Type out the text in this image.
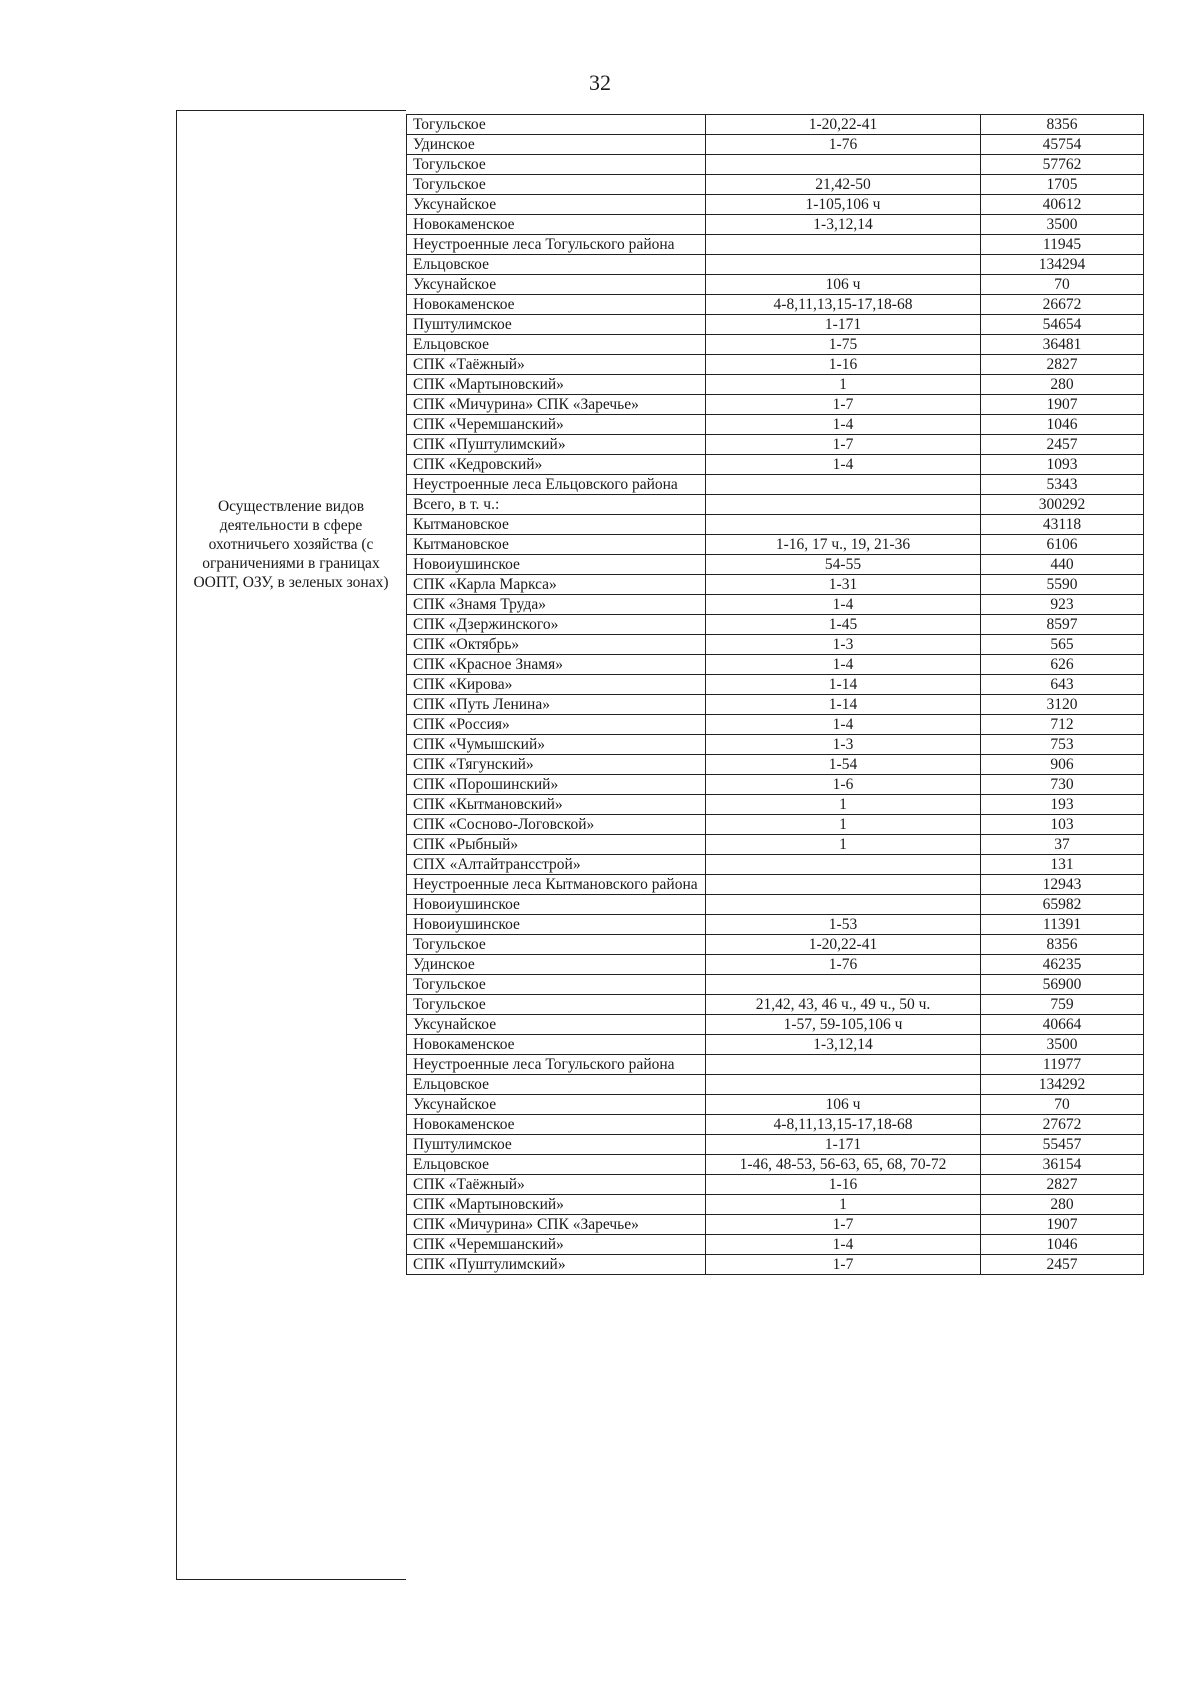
32
Осуществление видов деятельности в сфере охотничьего хозяйства (с ограничениями в границах ООПТ, ОЗУ, в зеленых зонах)
Тогульское	1-20,22-41	8356
Удинское	1-76	45754
Тогульское		57762
Тогульское	21,42-50	1705
Уксунайское	1-105,106 ч	40612
Новокаменское	1-3,12,14	3500
Неустроенные леса Тогульского района		11945
Ельцовское		134294
Уксунайское	106 ч	70
Новокаменское	4-8,11,13,15-17,18-68	26672
Пуштулимское	1-171	54654
Ельцовское	1-75	36481
СПК «Таёжный»	1-16	2827
СПК «Мартыновский»	1	280
СПК «Мичурина» СПК «Заречье»	1-7	1907
СПК «Черемшанский»	1-4	1046
СПК «Пуштулимский»	1-7	2457
СПК «Кедровский»	1-4	1093
Неустроенные леса Ельцовского района		5343
Всего, в т. ч.:		300292
Кытмановское		43118
Кытмановское	1-16, 17 ч., 19, 21-36	6106
Новоиушинское	54-55	440
СПК «Карла Маркса»	1-31	5590
СПК «Знамя Труда»	1-4	923
СПК «Дзержинского»	1-45	8597
СПК «Октябрь»	1-3	565
СПК «Красное Знамя»	1-4	626
СПК «Кирова»	1-14	643
СПК «Путь Ленина»	1-14	3120
СПК «Россия»	1-4	712
СПК «Чумышский»	1-3	753
СПК «Тягунский»	1-54	906
СПК «Порошинский»	1-6	730
СПК «Кытмановский»	1	193
СПК «Сосново-Логовской»	1	103
СПК «Рыбный»	1	37
СПХ «Алтайтрансстрой»		131
Неустроенные леса Кытмановского района		12943
Новоиушинское		65982
Новоиушинское	1-53	11391
Тогульское	1-20,22-41	8356
Удинское	1-76	46235
Тогульское		56900
Тогульское	21,42, 43, 46 ч., 49 ч., 50 ч.	759
Уксунайское	1-57, 59-105,106 ч	40664
Новокаменское	1-3,12,14	3500
Неустроенные леса Тогульского района		11977
Ельцовское		134292
Уксунайское	106 ч	70
Новокаменское	4-8,11,13,15-17,18-68	27672
Пуштулимское	1-171	55457
Ельцовское	1-46, 48-53, 56-63, 65, 68, 70-72	36154
СПК «Таёжный»	1-16	2827
СПК «Мартыновский»	1	280
СПК «Мичурина» СПК «Заречье»	1-7	1907
СПК «Черемшанский»	1-4	1046
СПК «Пуштулимский»	1-7	2457
